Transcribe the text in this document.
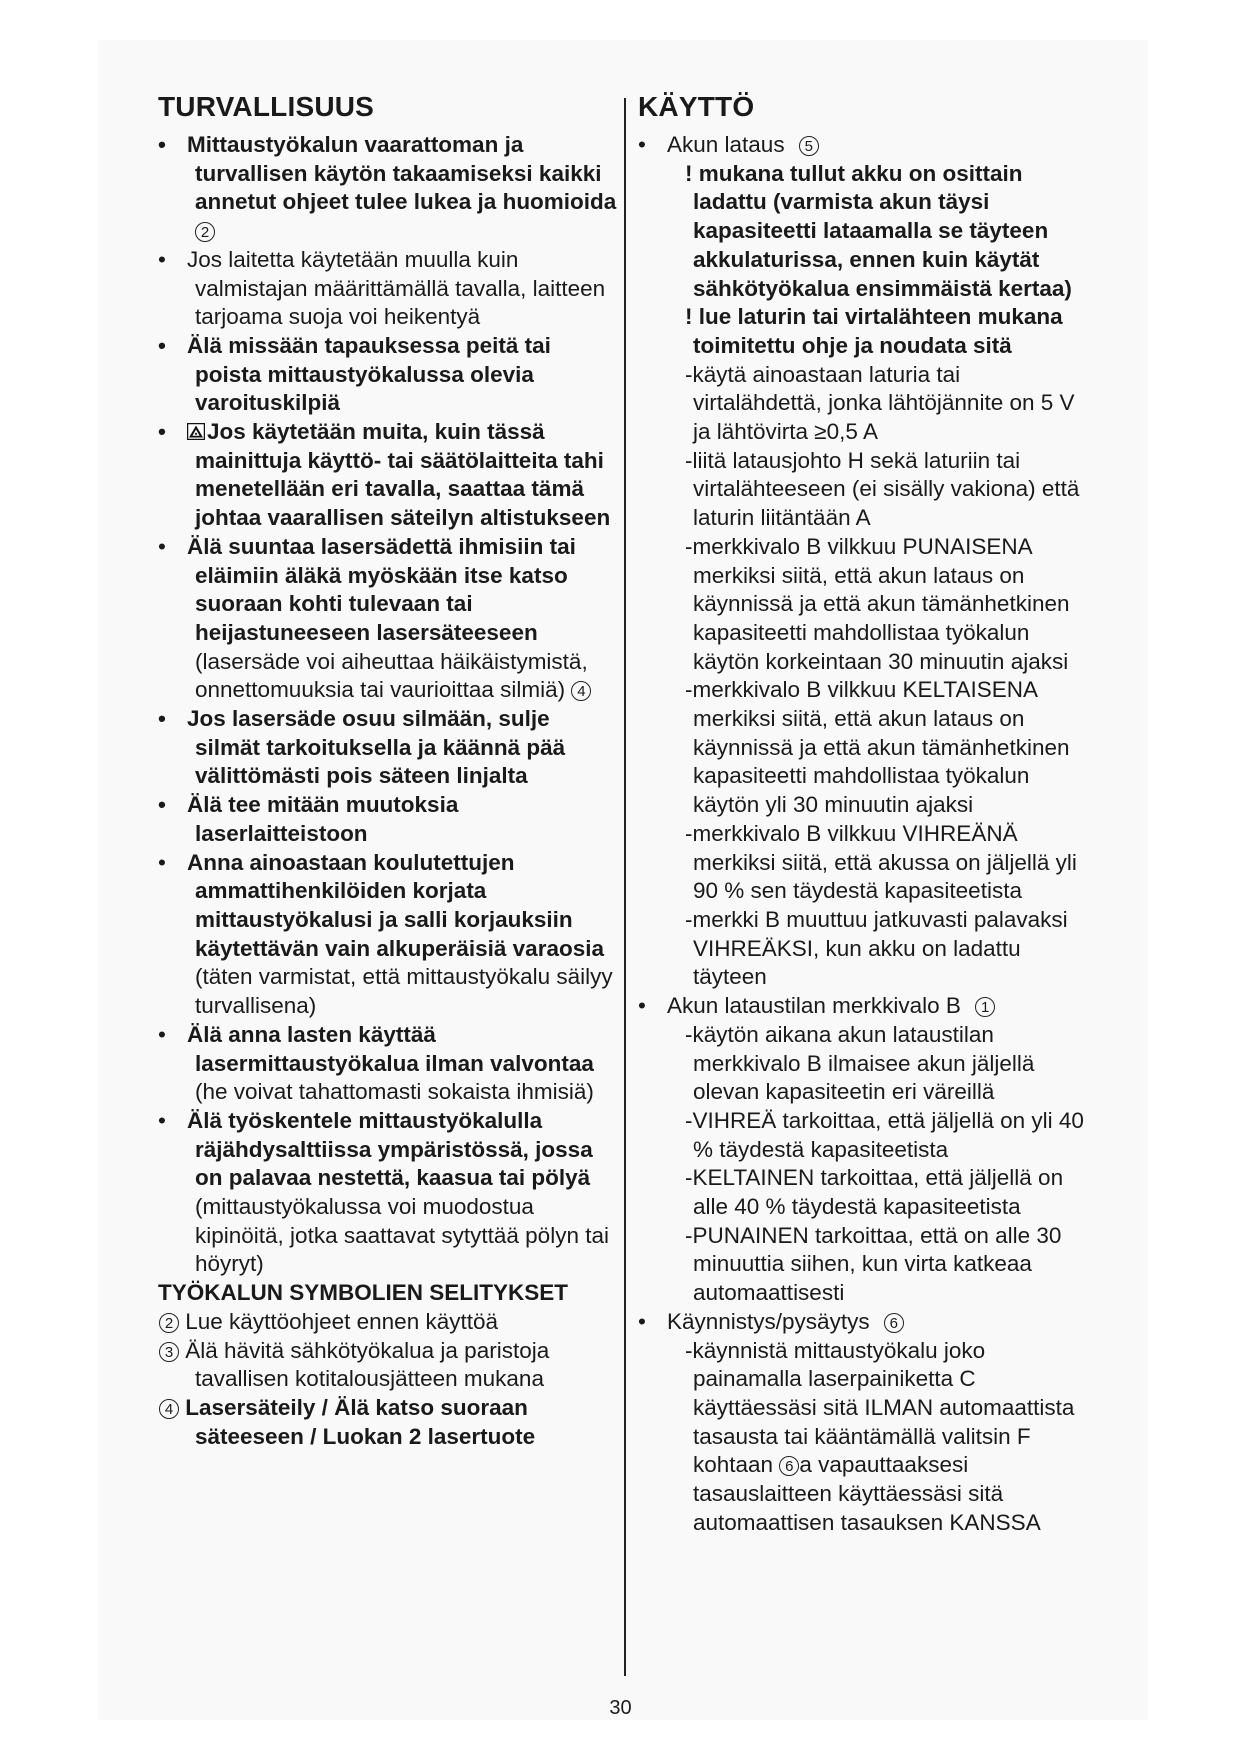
TURVALLISUUS

• Mittaustyökalun vaarattoman ja turvallisen käytön takaamiseksi kaikki annetut ohjeet tulee lukea ja huomioida 2

• Jos laitetta käytetään muulla kuin valmistajan määrittämällä tavalla, laitteen tarjoama suoja voi heikentyä

• Älä missään tapauksessa peitä tai poista mittaustyökalussa olevia varoituskilpiä

• Jos käytetään muita, kuin tässä mainittuja käyttö- tai säätölaitteita tahi menetellään eri tavalla, saattaa tämä johtaa vaarallisen säteilyn altistukseen

• Älä suuntaa lasersädettä ihmisiin tai eläimiin äläkä myöskään itse katso suoraan kohti tulevaan tai heijastuneeseen lasersäteeseen (lasersäde voi aiheuttaa häikäistymistä, onnettomuuksia tai vaurioittaa silmiä) 4

• Jos lasersäde osuu silmään, sulje silmät tarkoituksella ja käännä pää välittömästi pois säteen linjalta

• Älä tee mitään muutoksia laserlaitteistoon

• Anna ainoastaan koulutettujen ammattihenkilöiden korjata mittaustyökalusi ja salli korjauksiin käytettävän vain alkuperäisiä varaosia (täten varmistat, että mittaustyökalu säilyy turvallisena)

• Älä anna lasten käyttää lasermittaustyökalua ilman valvontaa (he voivat tahattomasti sokaista ihmisiä)

• Älä työskentele mittaustyökalulla räjähdysalttiissa ympäristössä, jossa on palavaa nestettä, kaasua tai pölyä (mittaustyökalussa voi muodostua kipinöitä, jotka saattavat sytyttää pölyn tai höyryt)

TYÖKALUN SYMBOLIEN SELITYKSET

2 Lue käyttöohjeet ennen käyttöä

3 Älä hävitä sähkötyökalua ja paristoja tavallisen kotitalousjätteen mukana

4 Lasersäteily / Älä katso suoraan säteeseen / Luokan 2 lasertuote

KÄYTTÖ

• Akun lataus 5

! mukana tullut akku on osittain ladattu (varmista akun täysi kapasiteetti lataamalla se täyteen akkulaturissa, ennen kuin käytät sähkötyökalua ensimmäistä kertaa)

! lue laturin tai virtalähteen mukana toimitettu ohje ja noudata sitä

-käytä ainoastaan laturia tai virtalähdettä, jonka lähtöjännite on 5 V ja lähtövirta ≥0,5 A

-liitä latausjohto H sekä laturiin tai virtalähteeseen (ei sisälly vakiona) että laturin liitäntään A

-merkkivalo B vilkkuu PUNAISENA merkiksi siitä, että akun lataus on käynnissä ja että akun tämänhetkinen kapasiteetti mahdollistaa työkalun käytön korkeintaan 30 minuutin ajaksi

-merkkivalo B vilkkuu KELTAISENA merkiksi siitä, että akun lataus on käynnissä ja että akun tämänhetkinen kapasiteetti mahdollistaa työkalun käytön yli 30 minuutin ajaksi

-merkkivalo B vilkkuu VIHREÄNÄ merkiksi siitä, että akussa on jäljellä yli 90 % sen täydestä kapasiteetista

-merkki B muuttuu jatkuvasti palavaksi VIHREÄKSI, kun akku on ladattu täyteen

• Akun lataustilan merkkivalo B 1

-käytön aikana akun lataustilan merkkivalo B ilmaisee akun jäljellä olevan kapasiteetin eri väreillä

-VIHREÄ tarkoittaa, että jäljellä on yli 40 % täydestä kapasiteetista

-KELTAINEN tarkoittaa, että jäljellä on alle 40 % täydestä kapasiteetista

-PUNAINEN tarkoittaa, että on alle 30 minuuttia siihen, kun virta katkeaa automaattisesti

• Käynnistys/pysäytys 6

-käynnistä mittaustyökalu joko painamalla laserpainiketta C käyttäessäsi sitä ILMAN automaattista tasausta tai kääntämällä valitsin F kohtaan 6 a vapauttaaksesi tasauslaitteen käyttäessäsi sitä automaattisen tasauksen KANSSA

30
